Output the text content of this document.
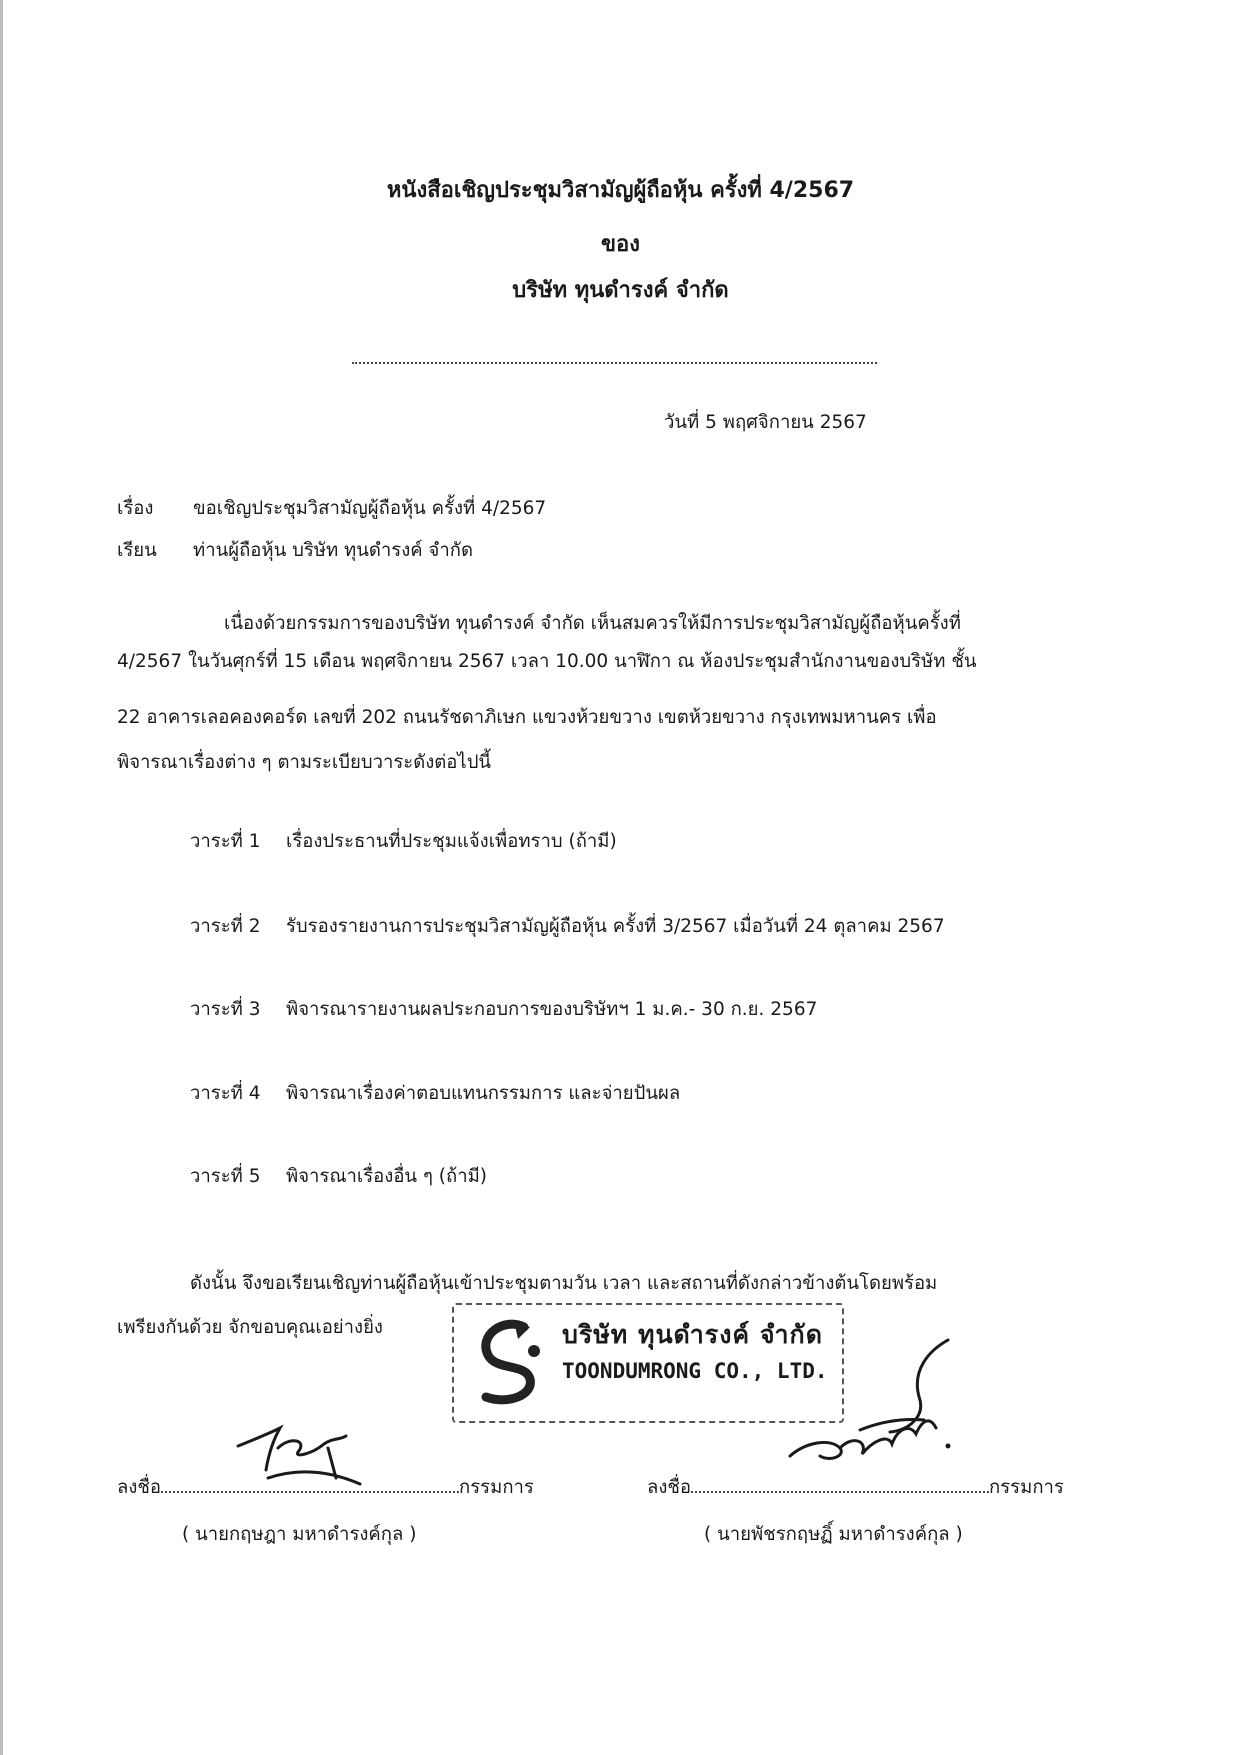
หนังสือเชิญประชุมวิสามัญผู้ถือหุ้น ครั้งที่ 4/2567
ของ
บริษัท ทุนดำรงค์ จำกัด
วันที่ 5 พฤศจิกายน 2567
เรื่อง ขอเชิญประชุมวิสามัญผู้ถือหุ้น ครั้งที่ 4/2567
เรียน ท่านผู้ถือหุ้น บริษัท ทุนดำรงค์ จำกัด
เนื่องด้วยกรรมการของบริษัท ทุนดำรงค์ จำกัด เห็นสมควรให้มีการประชุมวิสามัญผู้ถือหุ้นครั้งที่
4/2567 ในวันศุกร์ที่ 15 เดือน พฤศจิกายน 2567 เวลา 10.00 นาฬิกา ณ ห้องประชุมสำนักงานของบริษัท ชั้น
22 อาคารเลอคองคอร์ด เลขที่ 202 ถนนรัชดาภิเษก แขวงห้วยขวาง เขตห้วยขวาง กรุงเทพมหานคร เพื่อ
พิจารณาเรื่องต่าง ๆ ตามระเบียบวาระดังต่อไปนี้
วาระที่ 1 เรื่องประธานที่ประชุมแจ้งเพื่อทราบ (ถ้ามี)
วาระที่ 2 รับรองรายงานการประชุมวิสามัญผู้ถือหุ้น ครั้งที่ 3/2567 เมื่อวันที่ 24 ตุลาคม 2567
วาระที่ 3 พิจารณารายงานผลประกอบการของบริษัทฯ 1 ม.ค.- 30 ก.ย. 2567
วาระที่ 4 พิจารณาเรื่องค่าตอบแทนกรรมการ และจ่ายปันผล
วาระที่ 5 พิจารณาเรื่องอื่น ๆ (ถ้ามี)
ดังนั้น จึงขอเรียนเชิญท่านผู้ถือหุ้นเข้าประชุมตามวัน เวลา และสถานที่ดังกล่าวข้างต้นโดยพร้อม
เพรียงกันด้วย จักขอบคุณเอย่างยิ่ง	บริษัท ทุนดำรงค์ จำกัด
TOONDUMRONG CO., LTD.
ลงชื่อ	กรรมการ
( นายกฤษฎา มหาดำรงค์กุล )
ลงชื่อ	กรรมการ
( นายพัชรกฤษฏิ์ มหาดำรงค์กุล )
